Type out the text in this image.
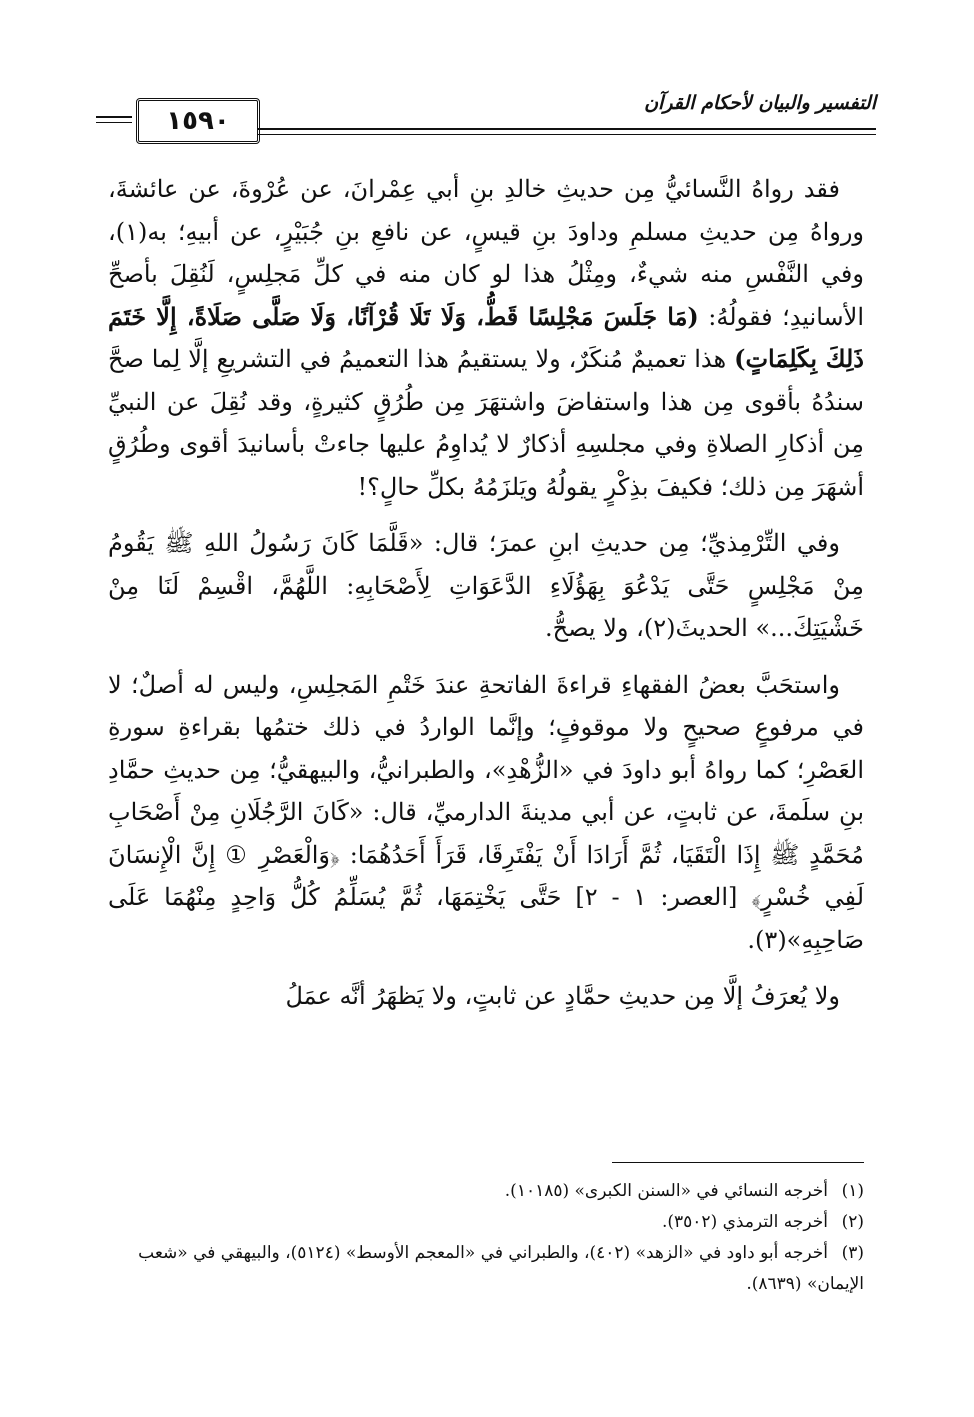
١٥٩٠
التفسير والبيان لأحكام القرآن

فقد رواهُ النَّسائيُّ مِن حديثِ خالدِ بنِ أبي عِمْرانَ، عن عُرْوةَ، عن عائشةَ، ورواهُ مِن حديثِ مسلمِ وداودَ بنِ قيسٍ، عن نافعِ بنِ جُبَيْرٍ، عن أبيهِ؛ به(١)، وفي النَّفْسِ منه شيءٌ، ومِثْلُ هذا لو كان منه في كلِّ مَجلِسٍ، لَنُقِلَ بأصحِّ الأسانيدِ؛ فقولُهُ: (مَا جَلَسَ مَجْلِسًا قَطُّ، وَلَا تَلَا قُرْآنًا، وَلَا صَلَّى صَلَاةً، إِلَّا خَتَمَ ذَلِكَ بِكَلِمَاتٍ) هذا تعميمٌ مُنكَرٌ، ولا يستقيمُ هذا التعميمُ في التشريعِ إلَّا لِما صحَّ سندُهُ بأقوى مِن هذا واستفاضَ واشتهَرَ مِن طُرُقٍ كثيرةٍ، وقد نُقِلَ عن النبيِّ مِن أذكارِ الصلاةِ وفي مجلسِهِ أذكارٌ لا يُداوِمُ عليها جاءتْ بأسانيدَ أقوى وطُرُقٍ أشهَرَ مِن ذلك؛ فكيفَ بذِكْرٍ يقولُهُ ويَلزَمُهُ بكلِّ حالٍ؟!

وفي التِّرْمِذيِّ؛ مِن حديثِ ابنِ عمرَ؛ قال: «قَلَّمَا كَانَ رَسُولُ اللهِ ﷺ يَقُومُ مِنْ مَجْلِسٍ حَتَّى يَدْعُوَ بِهَؤُلَاءِ الدَّعَوَاتِ لِأَصْحَابِهِ: اللَّهُمَّ، اقْسِمْ لَنَا مِنْ خَشْيَتِكَ...» الحديثَ(٢)، ولا يصحُّ.

واستحَبَّ بعضُ الفقهاءِ قراءةَ الفاتحةِ عندَ خَتْمِ المَجلِسِ، وليس له أصلٌ؛ لا في مرفوعٍ صحيحٍ ولا موقوفٍ؛ وإنَّما الواردُ في ذلك ختمُها بقراءةِ سورةِ العَصْرِ؛ كما رواهُ أبو داودَ في «الزُّهْدِ»، والطبرانيُّ، والبيهقيُّ؛ مِن حديثِ حمَّادِ بنِ سلَمةَ، عن ثابتٍ، عن أبي مدينةَ الدارميِّ، قال: «كَانَ الرَّجُلَانِ مِنْ أَصْحَابِ مُحَمَّدٍ ﷺ إِذَا الْتَقَيَا، ثُمَّ أَرَادَا أَنْ يَفْتَرِقَا، قَرَأَ أَحَدُهُمَا: ﴿وَالْعَصْرِ ① إِنَّ الْإِنسَانَ لَفِي خُسْرٍ﴾ [العصر: ١ - ٢] حَتَّى يَخْتِمَهَا، ثُمَّ يُسَلِّمُ كُلُّ وَاحِدٍ مِنْهُمَا عَلَى صَاحِبِهِ»(٣).

ولا يُعرَفُ إلَّا مِن حديثِ حمَّادٍ عن ثابتٍ، ولا يَظهَرُ أنَّه عمَلُ

(١)أخرجه النسائي في «السنن الكبرى» (١٠١٨٥).

(٢)أخرجه الترمذي (٣٥٠٢).

(٣)أخرجه أبو داود في «الزهد» (٤٠٢)، والطبراني في «المعجم الأوسط» (٥١٢٤)، والبيهقي في «شعب الإيمان» (٨٦٣٩).
